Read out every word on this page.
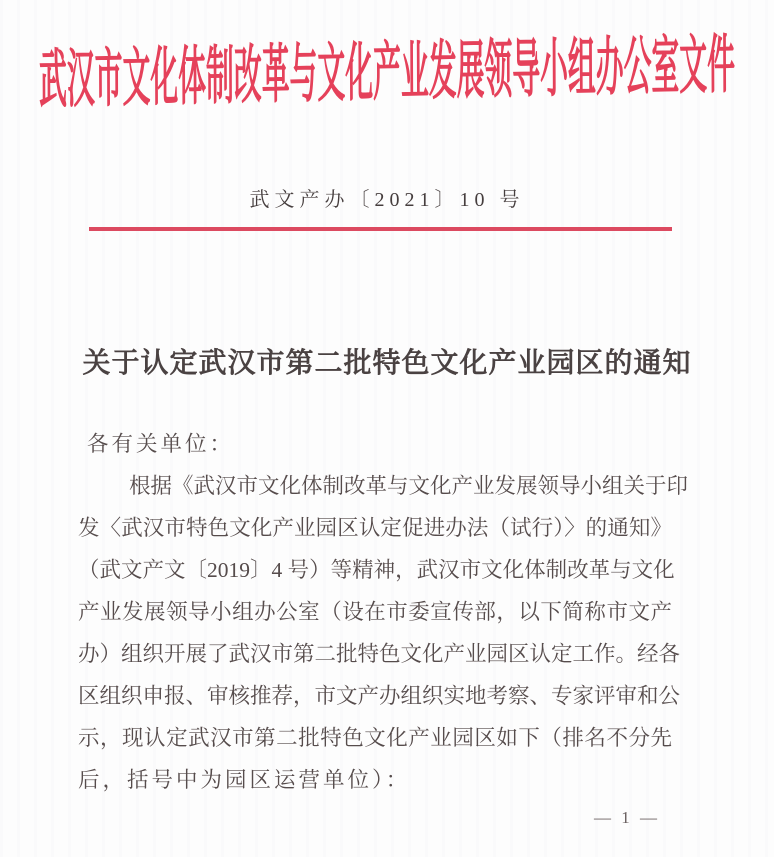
武汉市文化体制改革与文化产业发展领导小组办公室文件
武文产办〔2021〕10 号
关于认定武汉市第二批特色文化产业园区的通知
各有关单位：
根据《武汉市文化体制改革与文化产业发展领导小组关于印
发〈武汉市特色文化产业园区认定促进办法（试行）〉的通知》
（武文产文〔2019〕4 号）等精神，武汉市文化体制改革与文化
产业发展领导小组办公室（设在市委宣传部，以下简称市文产
办）组织开展了武汉市第二批特色文化产业园区认定工作。经各
区组织申报、审核推荐，市文产办组织实地考察、专家评审和公
示，现认定武汉市第二批特色文化产业园区如下（排名不分先
后，括号中为园区运营单位）：
— 1 —
